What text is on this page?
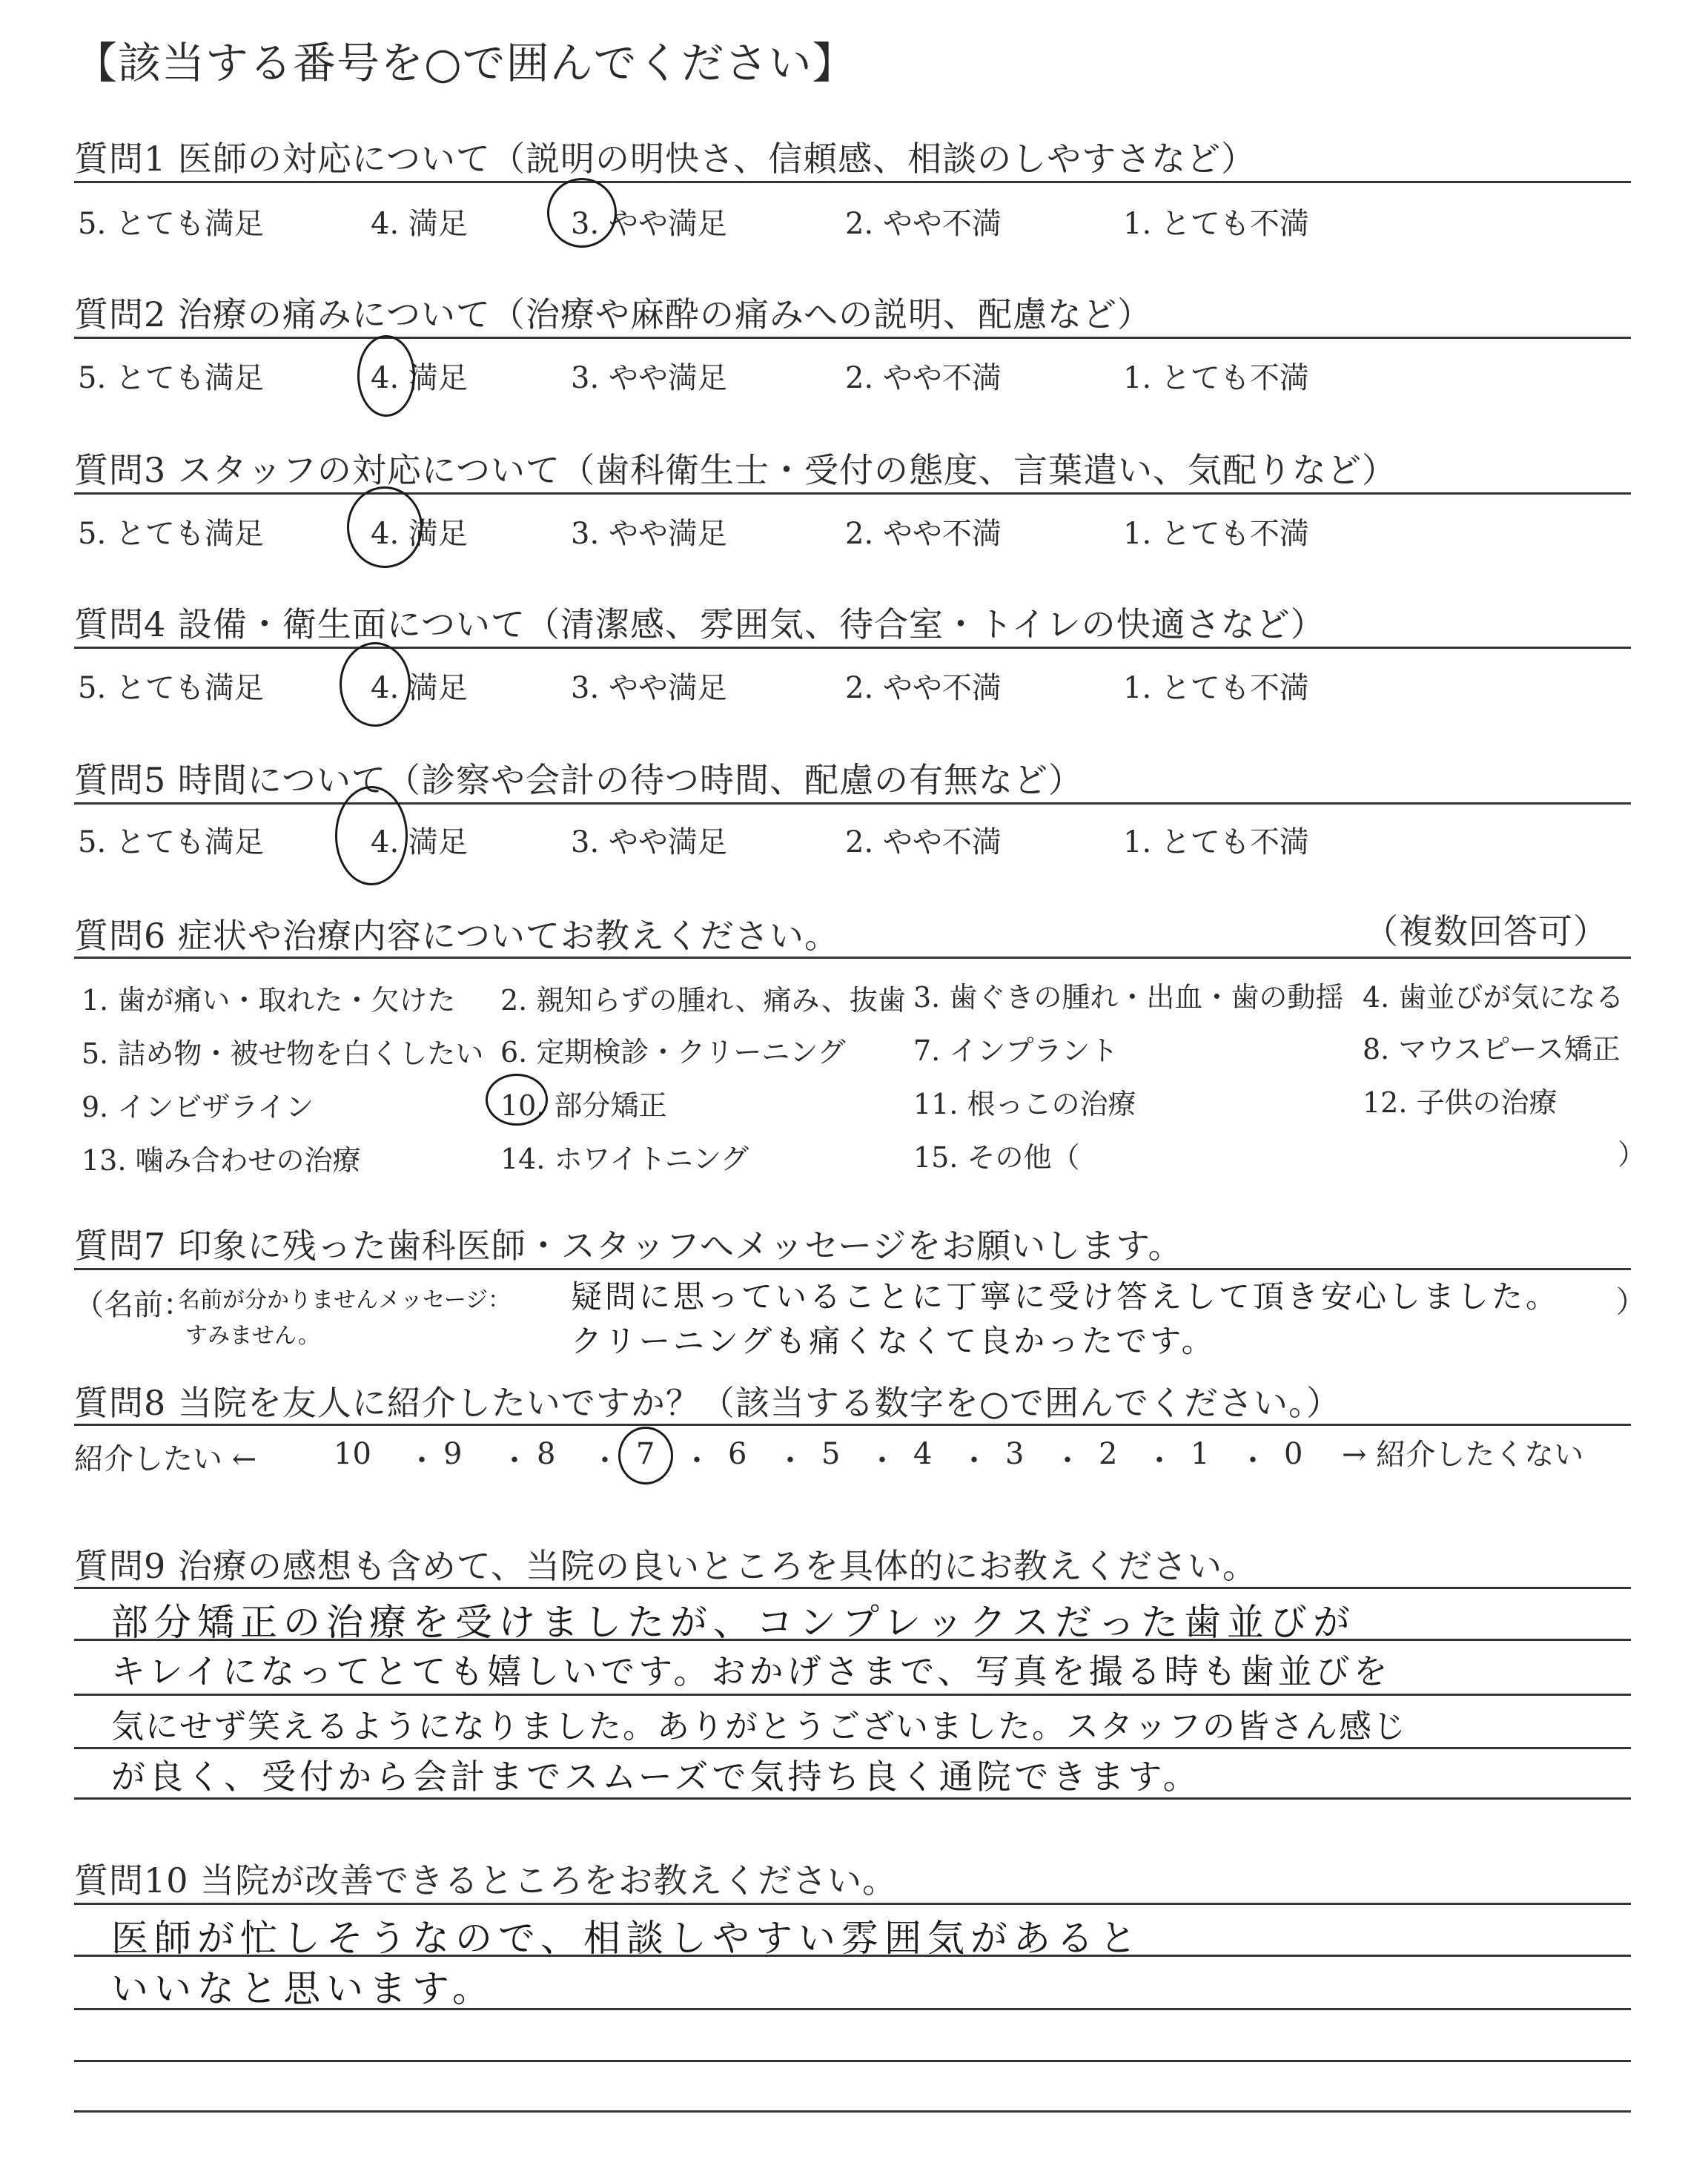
【該当する番号を○で囲んでください】
質問1 医師の対応について（説明の明快さ、信頼感、相談のしやすさなど）
5. とても満足	4. 満足	3. やや満足	2. やや不満	1. とても不満
質問2 治療の痛みについて（治療や麻酔の痛みへの説明、配慮など）
5. とても満足	4. 満足	3. やや満足	2. やや不満	1. とても不満
質問3 スタッフの対応について（歯科衛生士・受付の態度、言葉遣い、気配りなど）
5. とても満足	4. 満足	3. やや満足	2. やや不満	1. とても不満
質問4 設備・衛生面について（清潔感、雰囲気、待合室・トイレの快適さなど）
5. とても満足	4. 満足	3. やや満足	2. やや不満	1. とても不満
質問5 時間について（診察や会計の待つ時間、配慮の有無など）
5. とても満足	4. 満足	3. やや満足	2. やや不満	1. とても不満
質問6 症状や治療内容についてお教えください。	（複数回答可）
1. 歯が痛い・取れた・欠けた 2. 親知らずの腫れ、痛み、抜歯 3. 歯ぐきの腫れ・出血・歯の動揺 4. 歯並びが気になる
5. 詰め物・被せ物を白くしたい 6. 定期検診・クリーニング 7. インプラント	8. マウスピース矯正
9. インビザライン	10. 部分矯正	11. 根っこの治療	12. 子供の治療
13. 噛み合わせの治療	14. ホワイトニング	15. その他（	）
質問7 印象に残った歯科医師・スタッフへメッセージをお願いします。
（名前：
名前が分かりませんメッセージ：
すみません。
疑問に思っていることに丁寧に受け答えして頂き安心しました。
クリーニングも痛くなくて良かったです。
）
質問8 当院を友人に紹介したいですか？（該当する数字を○で囲んでください。）
紹介したい ←	10 ・ 9 ・ 8 ・ 7 ・ 6 ・ 5 ・ 4 ・ 3 ・ 2 ・ 1 ・ 0 → 紹介したくない
質問9 治療の感想も含めて、当院の良いところを具体的にお教えください。
部分矯正の治療を受けましたが、コンプレックスだった歯並びが
キレイになってとても嬉しいです。おかげさまで、写真を撮る時も歯並びを
気にせず笑えるようになりました。ありがとうございました。スタッフの皆さん感じ
が良く、受付から会計までスムーズで気持ち良く通院できます。
質問10 当院が改善できるところをお教えください。
医師が忙しそうなので、相談しやすい雰囲気があると
いいなと思います。
